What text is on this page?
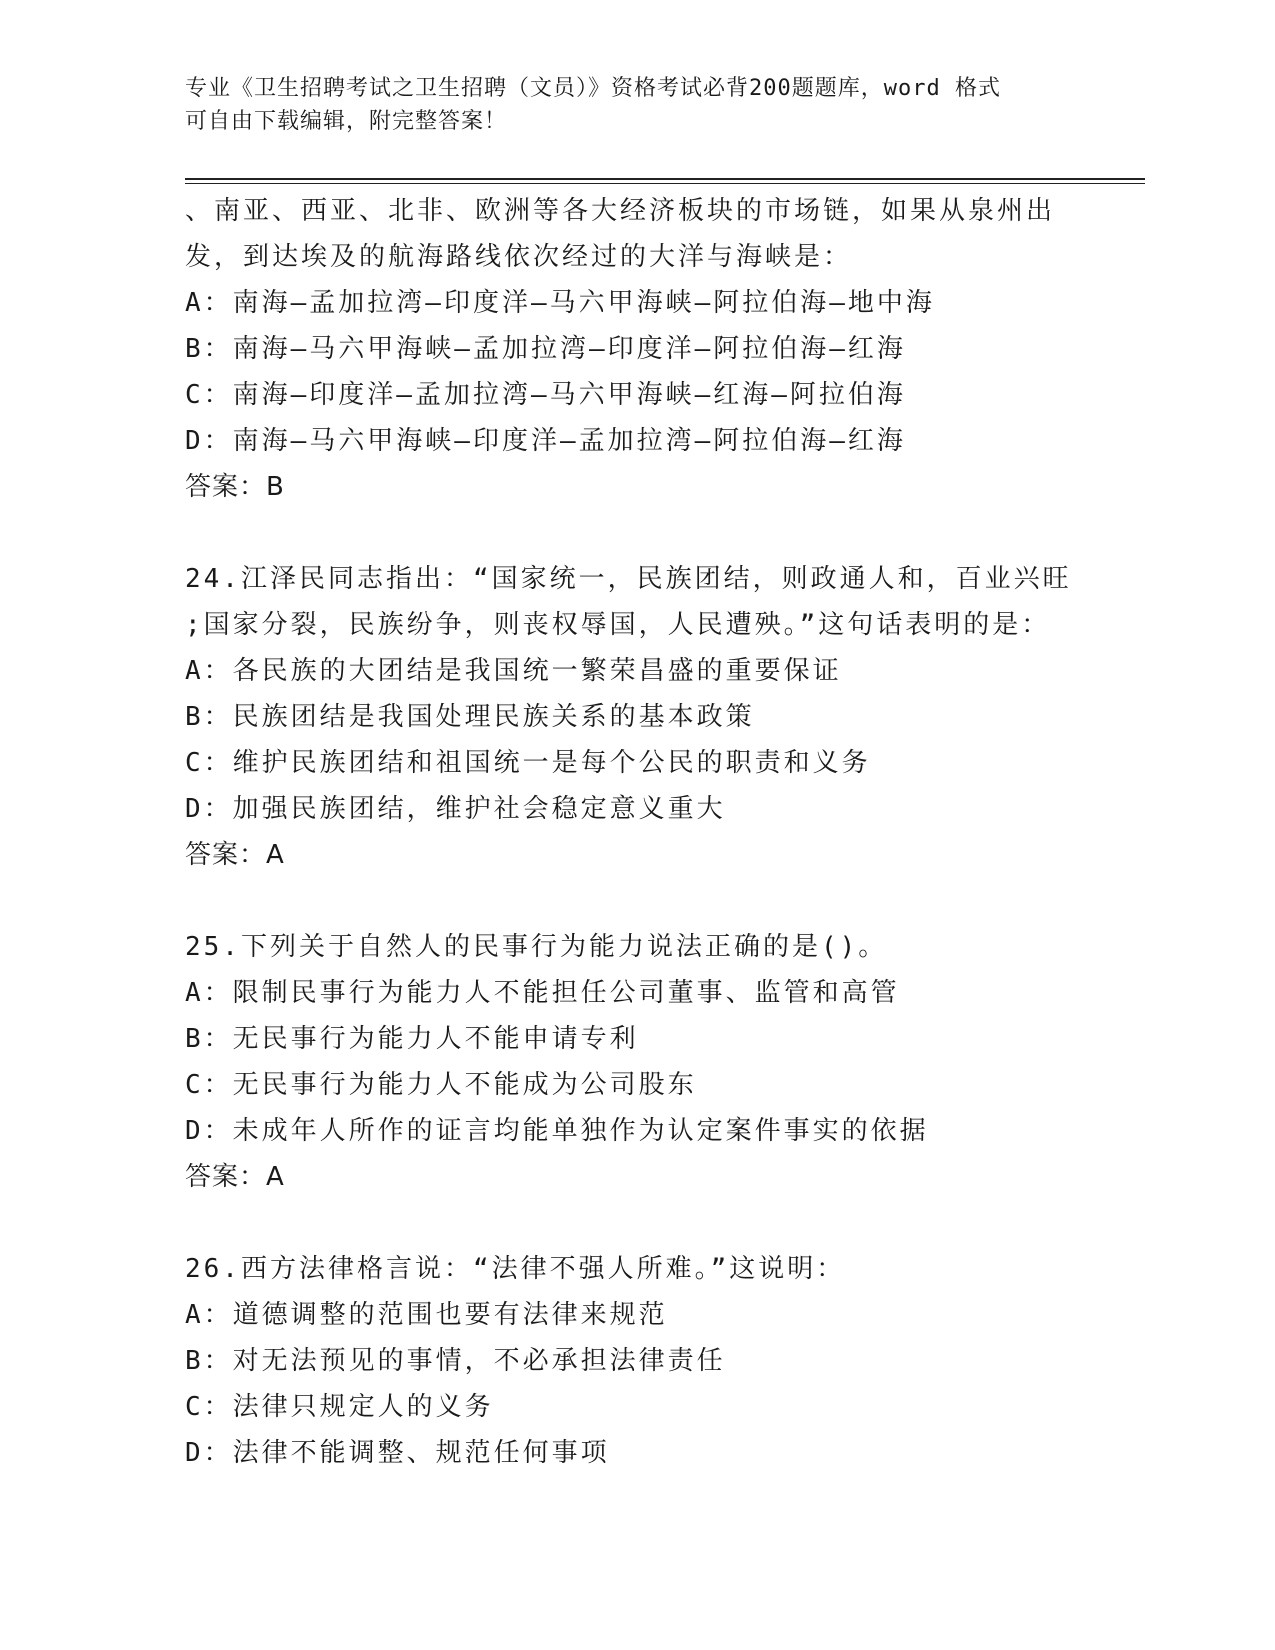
专业《卫生招聘考试之卫生招聘（文员）》资格考试必背200题题库，word 格式
可自由下载编辑，附完整答案！
、南亚、西亚、北非、欧洲等各大经济板块的市场链，如果从泉州出
发，到达埃及的航海路线依次经过的大洋与海峡是：
A：南海—孟加拉湾—印度洋—马六甲海峡—阿拉伯海—地中海
B：南海—马六甲海峡—孟加拉湾—印度洋—阿拉伯海—红海
C：南海—印度洋—孟加拉湾—马六甲海峡—红海—阿拉伯海
D：南海—马六甲海峡—印度洋—孟加拉湾—阿拉伯海—红海
答案：B
24.江泽民同志指出：“国家统一，民族团结，则政通人和，百业兴旺
;国家分裂，民族纷争，则丧权辱国，人民遭殃。”这句话表明的是：
A：各民族的大团结是我国统一繁荣昌盛的重要保证
B：民族团结是我国处理民族关系的基本政策
C：维护民族团结和祖国统一是每个公民的职责和义务
D：加强民族团结，维护社会稳定意义重大
答案：A
25.下列关于自然人的民事行为能力说法正确的是()。
A：限制民事行为能力人不能担任公司董事、监管和高管
B：无民事行为能力人不能申请专利
C：无民事行为能力人不能成为公司股东
D：未成年人所作的证言均能单独作为认定案件事实的依据
答案：A
26.西方法律格言说：“法律不强人所难。”这说明：
A：道德调整的范围也要有法律来规范
B：对无法预见的事情，不必承担法律责任
C：法律只规定人的义务
D：法律不能调整、规范任何事项
